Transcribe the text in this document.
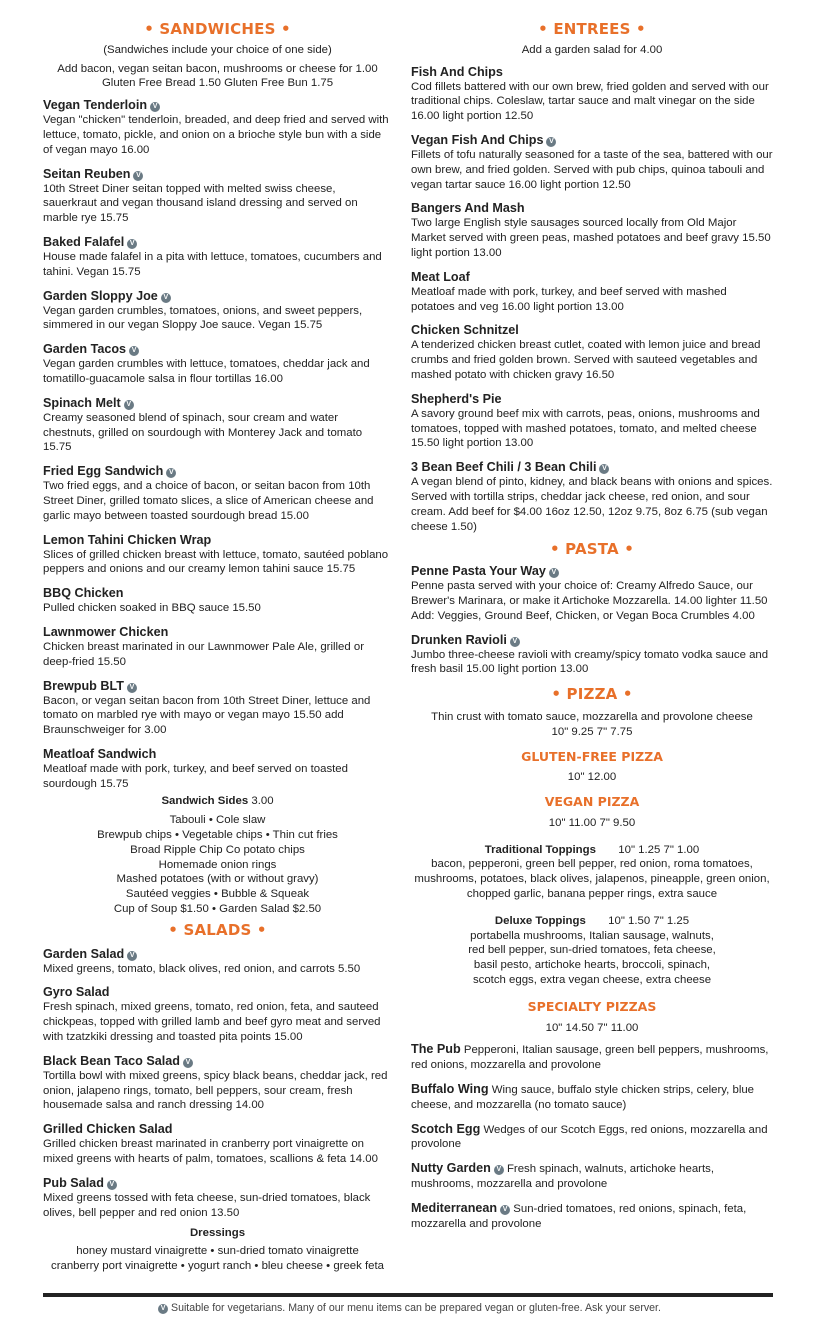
• SANDWICHES •
(Sandwiches include your choice of one side)
Add bacon, vegan seitan bacon, mushrooms or cheese for 1.00
Gluten Free Bread 1.50 Gluten Free Bun 1.75
Vegan Tenderloin V
Vegan "chicken" tenderloin, breaded, and deep fried and served with lettuce, tomato, pickle, and onion on a brioche style bun with a side of vegan mayo 16.00
Seitan Reuben V
10th Street Diner seitan topped with melted swiss cheese, sauerkraut and vegan thousand island dressing and served on marble rye 15.75
Baked Falafel V
House made falafel in a pita with lettuce, tomatoes, cucumbers and tahini. Vegan 15.75
Garden Sloppy Joe V
Vegan garden crumbles, tomatoes, onions, and sweet peppers, simmered in our vegan Sloppy Joe sauce. Vegan 15.75
Garden Tacos V
Vegan garden crumbles with lettuce, tomatoes, cheddar jack and tomatillo-guacamole salsa in flour tortillas 16.00
Spinach Melt V
Creamy seasoned blend of spinach, sour cream and water chestnuts, grilled on sourdough with Monterey Jack and tomato 15.75
Fried Egg Sandwich V
Two fried eggs, and a choice of bacon, or seitan bacon from 10th Street Diner, grilled tomato slices, a slice of American cheese and garlic mayo between toasted sourdough bread 15.00
Lemon Tahini Chicken Wrap
Slices of grilled chicken breast with lettuce, tomato, sautéed poblano peppers and onions and our creamy lemon tahini sauce 15.75
BBQ Chicken
Pulled chicken soaked in BBQ sauce 15.50
Lawnmower Chicken
Chicken breast marinated in our Lawnmower Pale Ale, grilled or deep-fried 15.50
Brewpub BLT V
Bacon, or vegan seitan bacon from 10th Street Diner, lettuce and tomato on marbled rye with mayo or vegan mayo 15.50 add Braunschweiger for 3.00
Meatloaf Sandwich
Meatloaf made with pork, turkey, and beef served on toasted sourdough 15.75
Sandwich Sides 3.00
Tabouli • Cole slaw
Brewpub chips • Vegetable chips • Thin cut fries
Broad Ripple Chip Co potato chips
Homemade onion rings
Mashed potatoes (with or without gravy)
Sautéed veggies • Bubble & Squeak
Cup of Soup $1.50 • Garden Salad $2.50
• SALADS •
Garden Salad V
Mixed greens, tomato, black olives, red onion, and carrots 5.50
Gyro Salad
Fresh spinach, mixed greens, tomato, red onion, feta, and sauteed chickpeas, topped with grilled lamb and beef gyro meat and served with tzatzkiki dressing and toasted pita points 15.00
Black Bean Taco Salad V
Tortilla bowl with mixed greens, spicy black beans, cheddar jack, red onion, jalapeno rings, tomato, bell peppers, sour cream, fresh housemade salsa and ranch dressing 14.00
Grilled Chicken Salad
Grilled chicken breast marinated in cranberry port vinaigrette on mixed greens with hearts of palm, tomatoes, scallions & feta 14.00
Pub Salad V
Mixed greens tossed with feta cheese, sun-dried tomatoes, black olives, bell pepper and red onion 13.50
Dressings
honey mustard vinaigrette • sun-dried tomato vinaigrette
cranberry port vinaigrette • yogurt ranch • bleu cheese • greek feta
• ENTREES •
Add a garden salad for 4.00
Fish And Chips
Cod fillets battered with our own brew, fried golden and served with our traditional chips. Coleslaw, tartar sauce and malt vinegar on the side 16.00 light portion 12.50
Vegan Fish And Chips V
Fillets of tofu naturally seasoned for a taste of the sea, battered with our own brew, and fried golden. Served with pub chips, quinoa tabouli and vegan tartar sauce 16.00 light portion 12.50
Bangers And Mash
Two large English style sausages sourced locally from Old Major Market served with green peas, mashed potatoes and beef gravy 15.50 light portion 13.00
Meat Loaf
Meatloaf made with pork, turkey, and beef served with mashed potatoes and veg 16.00 light portion 13.00
Chicken Schnitzel
A tenderized chicken breast cutlet, coated with lemon juice and bread crumbs and fried golden brown. Served with sauteed vegetables and mashed potato with chicken gravy 16.50
Shepherd's Pie
A savory ground beef mix with carrots, peas, onions, mushrooms and tomatoes, topped with mashed potatoes, tomato, and melted cheese 15.50 light portion 13.00
3 Bean Beef Chili / 3 Bean Chili V
A vegan blend of pinto, kidney, and black beans with onions and spices. Served with tortilla strips, cheddar jack cheese, red onion, and sour cream. Add beef for $4.00 16oz 12.50, 12oz 9.75, 8oz 6.75 (sub vegan cheese 1.50)
• PASTA •
Penne Pasta Your Way V
Penne pasta served with your choice of: Creamy Alfredo Sauce, our Brewer's Marinara, or make it Artichoke Mozzarella. 14.00 lighter 11.50 Add: Veggies, Ground Beef, Chicken, or Vegan Boca Crumbles 4.00
Drunken Ravioli V
Jumbo three-cheese ravioli with creamy/spicy tomato vodka sauce and fresh basil 15.00 light portion 13.00
• PIZZA •
Thin crust with tomato sauce, mozzarella and provolone cheese
10" 9.25 7" 7.75
GLUTEN-FREE PIZZA
10" 12.00
VEGAN PIZZA
10" 11.00 7" 9.50
Traditional Toppings 10" 1.25 7" 1.00
bacon, pepperoni, green bell pepper, red onion, roma tomatoes, mushrooms, potatoes, black olives, jalapenos, pineapple, green onion, chopped garlic, banana pepper rings, extra sauce
Deluxe Toppings 10" 1.50 7" 1.25
portabella mushrooms, Italian sausage, walnuts, red bell pepper, sun-dried tomatoes, feta cheese, basil pesto, artichoke hearts, broccoli, spinach, scotch eggs, extra vegan cheese, extra cheese
SPECIALTY PIZZAS
10" 14.50 7" 11.00
The Pub Pepperoni, Italian sausage, green bell peppers, mushrooms, red onions, mozzarella and provolone
Buffalo Wing Wing sauce, buffalo style chicken strips, celery, blue cheese, and mozzarella (no tomato sauce)
Scotch Egg Wedges of our Scotch Eggs, red onions, mozzarella and provolone
Nutty Garden V Fresh spinach, walnuts, artichoke hearts, mushrooms, mozzarella and provolone
Mediterranean V Sun-dried tomatoes, red onions, spinach, feta, mozzarella and provolone
V Suitable for vegetarians. Many of our menu items can be prepared vegan or gluten-free. Ask your server.
